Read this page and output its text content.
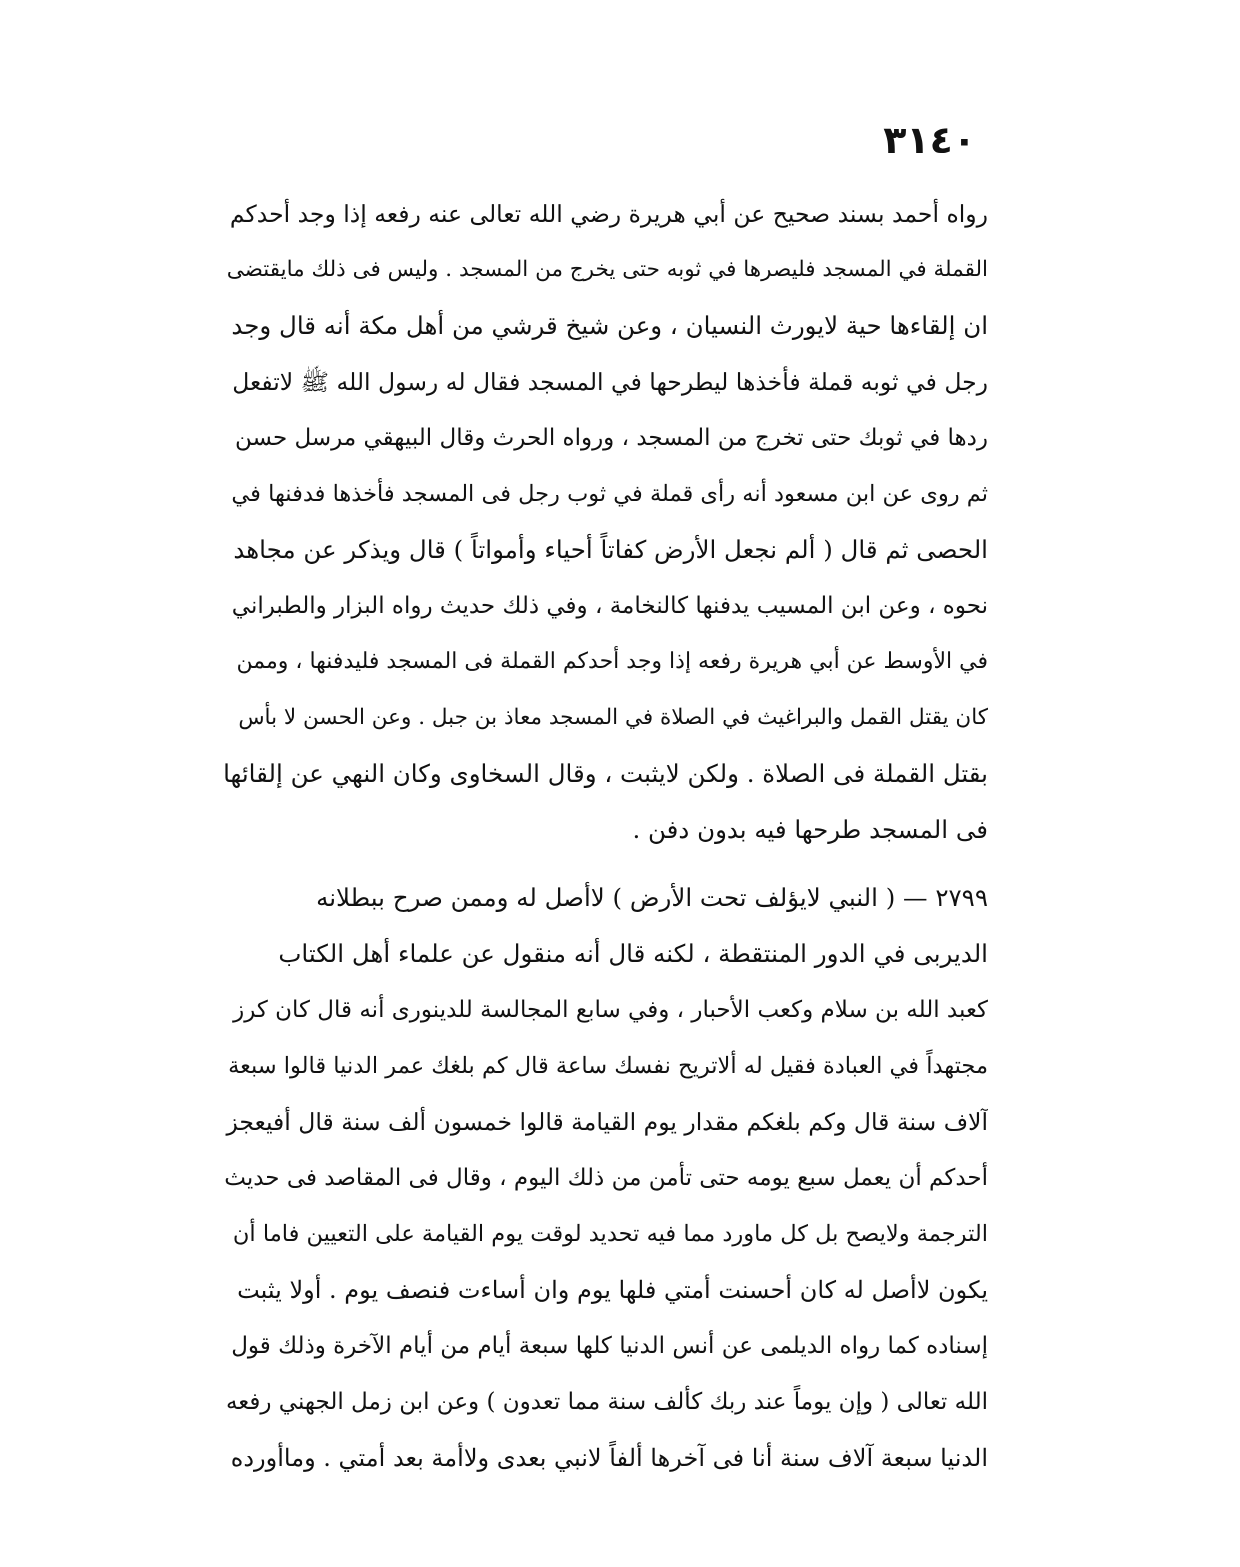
٣١٤٠
رواه أحمد بسند صحيح عن أبي هريرة رضي الله تعالى عنه رفعه إذا وجد أحدكم
القملة في المسجد فليصرها في ثوبه حتى يخرج من المسجد . وليس فى ذلك مايقتضى
ان إلقاءها حية لايورث النسيان ، وعن شيخ قرشي من أهل مكة أنه قال وجد
رجل في ثوبه قملة فأخذها ليطرحها في المسجد فقال له رسول الله ﷺ لاتفعل
ردها في ثوبك حتى تخرج من المسجد ، ورواه الحرث وقال البيهقي مرسل حسن
ثم روى عن ابن مسعود أنه رأى قملة في ثوب رجل فى المسجد فأخذها فدفنها في
الحصى ثم قال ( ألم نجعل الأرض كفاتاً أحياء وأمواتاً ) قال ويذكر عن مجاهد
نحوه ، وعن ابن المسيب يدفنها كالنخامة ، وفي ذلك حديث رواه البزار والطبراني
في الأوسط عن أبي هريرة رفعه إذا وجد أحدكم القملة فى المسجد فليدفنها ، وممن
كان يقتل القمل والبراغيث في الصلاة في المسجد معاذ بن جبل . وعن الحسن لا بأس
بقتل القملة فى الصلاة . ولكن لايثبت ، وقال السخاوى وكان النهي عن إلقائها
فى المسجد طرحها فيه بدون دفن .
٢٧٩٩ — ( النبي لايؤلف تحت الأرض ) لاأصل له وممن صرح ببطلانه
الديربى في الدور المنتقطة ، لكنه قال أنه منقول عن علماء أهل الكتاب
كعبد الله بن سلام وكعب الأحبار ، وفي سابع المجالسة للدينورى أنه قال كان كرز
مجتهداً في العبادة فقيل له ألاتريح نفسك ساعة قال كم بلغك عمر الدنيا قالوا سبعة
آلاف سنة قال وكم بلغكم مقدار يوم القيامة قالوا خمسون ألف سنة قال أفيعجز
أحدكم أن يعمل سبع يومه حتى تأمن من ذلك اليوم ، وقال فى المقاصد فى حديث
الترجمة ولايصح بل كل ماورد مما فيه تحديد لوقت يوم القيامة على التعيين فاما أن
يكون لاأصل له كان أحسنت أمتي فلها يوم وان أساءت فنصف يوم . أولا يثبت
إسناده كما رواه الديلمى عن أنس الدنيا كلها سبعة أيام من أيام الآخرة وذلك قول
الله تعالى ( وإن يوماً عند ربك كألف سنة مما تعدون ) وعن ابن زمل الجهني رفعه
الدنيا سبعة آلاف سنة أنا فى آخرها ألفاً لانبي بعدى ولاأمة بعد أمتي . وماأورده
